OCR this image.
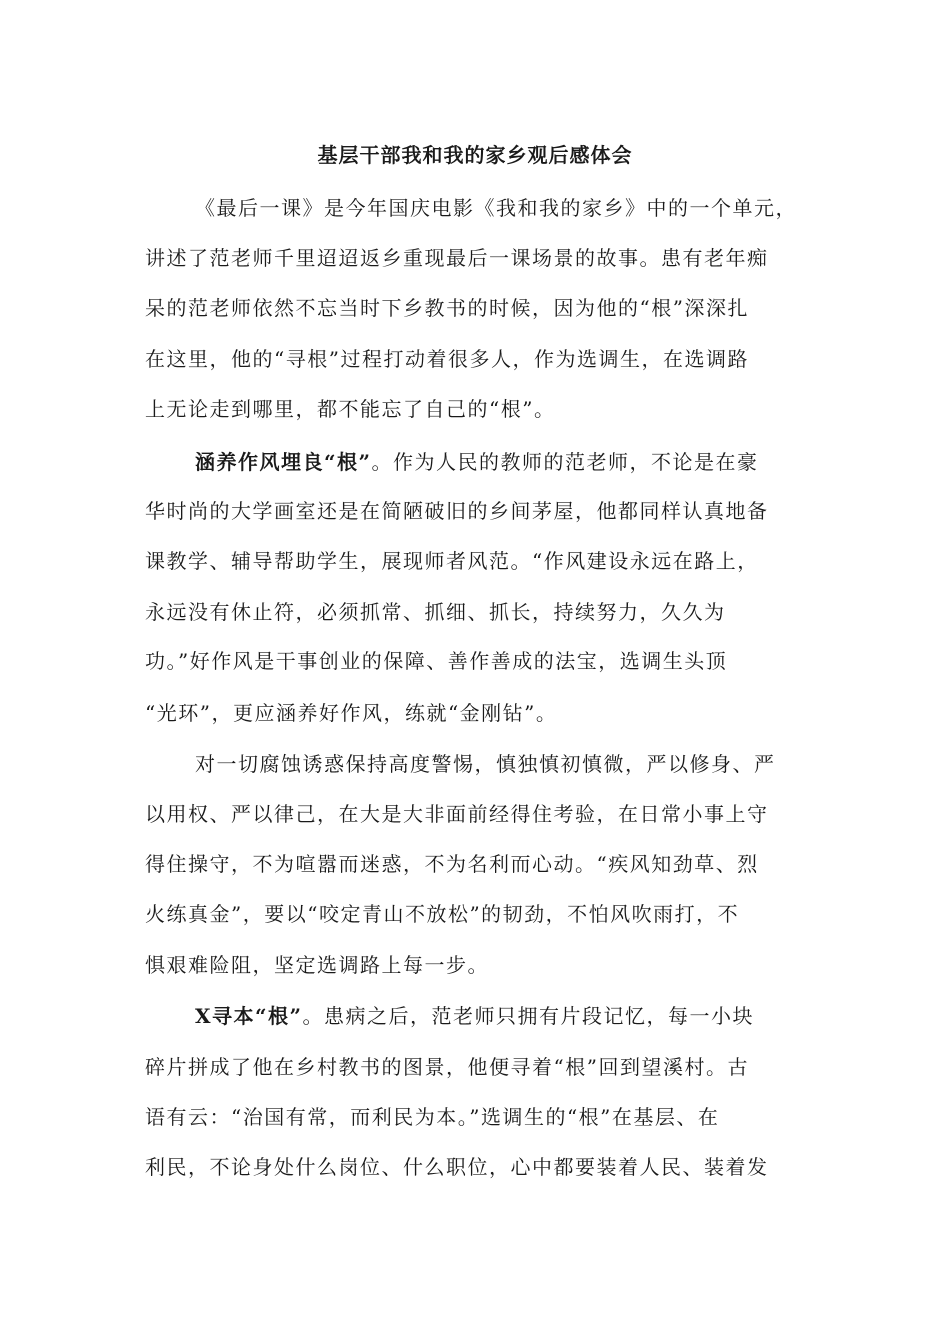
基层干部我和我的家乡观后感体会
《最后一课》是今年国庆电影《我和我的家乡》中的一个单元，
讲述了范老师千里迢迢返乡重现最后一课场景的故事。患有老年痴
呆的范老师依然不忘当时下乡教书的时候，因为他的“根”深深扎
在这里，他的“寻根”过程打动着很多人，作为选调生，在选调路
上无论走到哪里，都不能忘了自己的“根”。
涵养作风埋良“根”。作为人民的教师的范老师，不论是在豪
华时尚的大学画室还是在简陋破旧的乡间茅屋，他都同样认真地备
课教学、辅导帮助学生，展现师者风范。“作风建设永远在路上，
永远没有休止符，必须抓常、抓细、抓长，持续努力，久久为
功。”好作风是干事创业的保障、善作善成的法宝，选调生头顶
“光环”，更应涵养好作风，练就“金刚钻”。
对一切腐蚀诱惑保持高度警惕，慎独慎初慎微，严以修身、严
以用权、严以律己，在大是大非面前经得住考验，在日常小事上守
得住操守，不为喧嚣而迷惑，不为名利而心动。“疾风知劲草、烈
火练真金”，要以“咬定青山不放松”的韧劲，不怕风吹雨打，不
惧艰难险阻，坚定选调路上每一步。
X寻本“根”。患病之后，范老师只拥有片段记忆，每一小块
碎片拼成了他在乡村教书的图景，他便寻着“根”回到望溪村。古
语有云：“治国有常，而利民为本。”选调生的“根”在基层、在
利民，不论身处什么岗位、什么职位，心中都要装着人民、装着发
